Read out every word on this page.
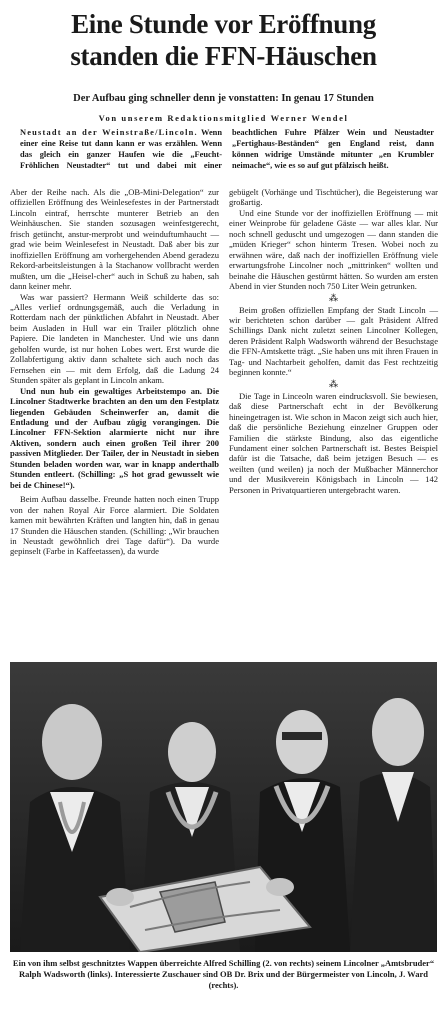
Eine Stunde vor Eröffnung
standen die FFN-Häuschen
Der Aufbau ging schneller denn je vonstatten: In genau 17 Stunden
Von unserem Redaktionsmitglied Werner Wendel
Neustadt an der Weinstraße/Lincoln. Wenn einer eine Reise tut dann kann er was erzählen. Wenn das gleich ein ganzer Haufen wie die „Feucht-Fröhlichen Neustadter“ tut und dabei mit einer beachtlichen Fuhre Pfälzer Wein und Neustadter „Fertighaus-Beständen“ gen England reist, dann können widrige Umstände mitunter „en Krumbler neimache“, wie es so auf gut pfälzisch heißt.

Aber der Reihe nach. Als die „OB-Mini-Delegation“ zur offiziellen Eröffnung des Weinlesefestes in der Partnerstadt Lincoln eintraf, herrschte munterer Betrieb an den Weinhäuschen. Sie standen sozusagen weinfestgerecht, frisch getüncht, anstur-merprobt und weinduftumhaucht — grad wie beim Weinlesefest in Neustadt. Daß aber bis zur inoffiziellen Eröffnung am vorhergehenden Abend geradezu Rekord-arbeitsleistungen à la Stachanow vollbracht werden mußten, um die „Heisel-cher“ auch in Schuß zu haben, sah dann keiner mehr.

Was war passiert? Hermann Weiß schilderte das so: „Alles verlief ordnungsgemäß, auch die Verladung in Rotterdam nach der pünktlichen Abfahrt in Neustadt. Aber beim Ausladen in Hull war ein Trailer plötzlich ohne Papiere. Die landeten in Manchester. Und wie uns dann geholfen wurde, ist nur hohen Lobes wert. Erst wurde die Zollabfertigung aktiv dann schaltete sich auch noch das Fernsehen ein — mit dem Erfolg, daß die Ladung 24 Stunden später als geplant in Lincoln ankam.

Und nun hub ein gewaltiges Arbeitstempo an. Die Lincolner Stadtwerke brachten an den um den Festplatz liegenden Gebäuden Scheinwerfer an, damit die Entladung und der Aufbau zügig vorangingen. Die Lincolner FFN-Sektion alarmierte nicht nur ihre Aktiven, sondern auch einen großen Teil ihrer 200 passiven Mitglieder. Der Tailer, der in Neustadt in sieben Stunden beladen worden war, war in knapp anderthalb Stunden entleert. (Schilling: „S hot grad gewusselt wie bei de Chinese!“).

Beim Aufbau dasselbe. Freunde hatten noch einen Trupp von der nahen Royal Air Force alarmiert. Die Soldaten kamen mit bewährten Kräften und langten hin, daß in genau 17 Stunden die Häuschen standen. (Schilling: „Wir brauchen in Neustadt gewöhnlich drei Tage dafür“). Da wurde gepinselt (Farbe in Kaffeetassen), da wurde

gebügelt (Vorhänge und Tischtücher), die Begeisterung war großartig.

Und eine Stunde vor der inoffiziellen Eröffnung — mit einer Weinprobe für geladene Gäste — war alles klar. Nur noch schnell geduscht und umgezogen — dann standen die „müden Krieger“ schon hinterm Tresen. Wobei noch zu erwähnen wäre, daß nach der inoffiziellen Eröffnung viele erwartungsfrohe Lincolner noch „mittrinken“ wollten und beinahe die Häuschen gestürmt hätten. So wurden am ersten Abend in vier Stunden noch 750 Liter Wein getrunken.

⁂

Beim großen offiziellen Empfang der Stadt Lincoln — wir berichteten schon darüber — galt Präsident Alfred Schillings Dank nicht zuletzt seinen Lincolner Kollegen, deren Präsident Ralph Wadsworth während der Besuchstage die FFN-Amtskette trägt. „Sie haben uns mit ihren Frauen in Tag- und Nachtarbeit geholfen, damit das Fest rechtzeitig beginnen konnte.“

⁂

Die Tage in Linceoln waren eindrucksvoll. Sie bewiesen, daß diese Partnerschaft echt in der Bevölkerung hineingetragen ist. Wie schon in Macon zeigt sich auch hier, daß die persönliche Beziehung einzelner Gruppen oder Familien die stärkste Bindung, also das eigentliche Fundament einer solchen Partnerschaft ist. Bestes Beispiel dafür ist die Tatsache, daß beim jetzigen Besuch — es weilten (und weilen) ja noch der Mußbacher Männerchor und der Musikverein Königsbach in Lincoln — 142 Personen in Privatquartieren untergebracht waren.

Ein von ihm selbst geschnitztes Wappen überreichte Alfred Schilling (2. von rechts) seinem Lincolner „Amtsbruder“ Ralph Wadsworth (links). Interessierte Zuschauer sind OB Dr. Brix und der Bürgermeister von Lincoln, J. Ward (rechts).
